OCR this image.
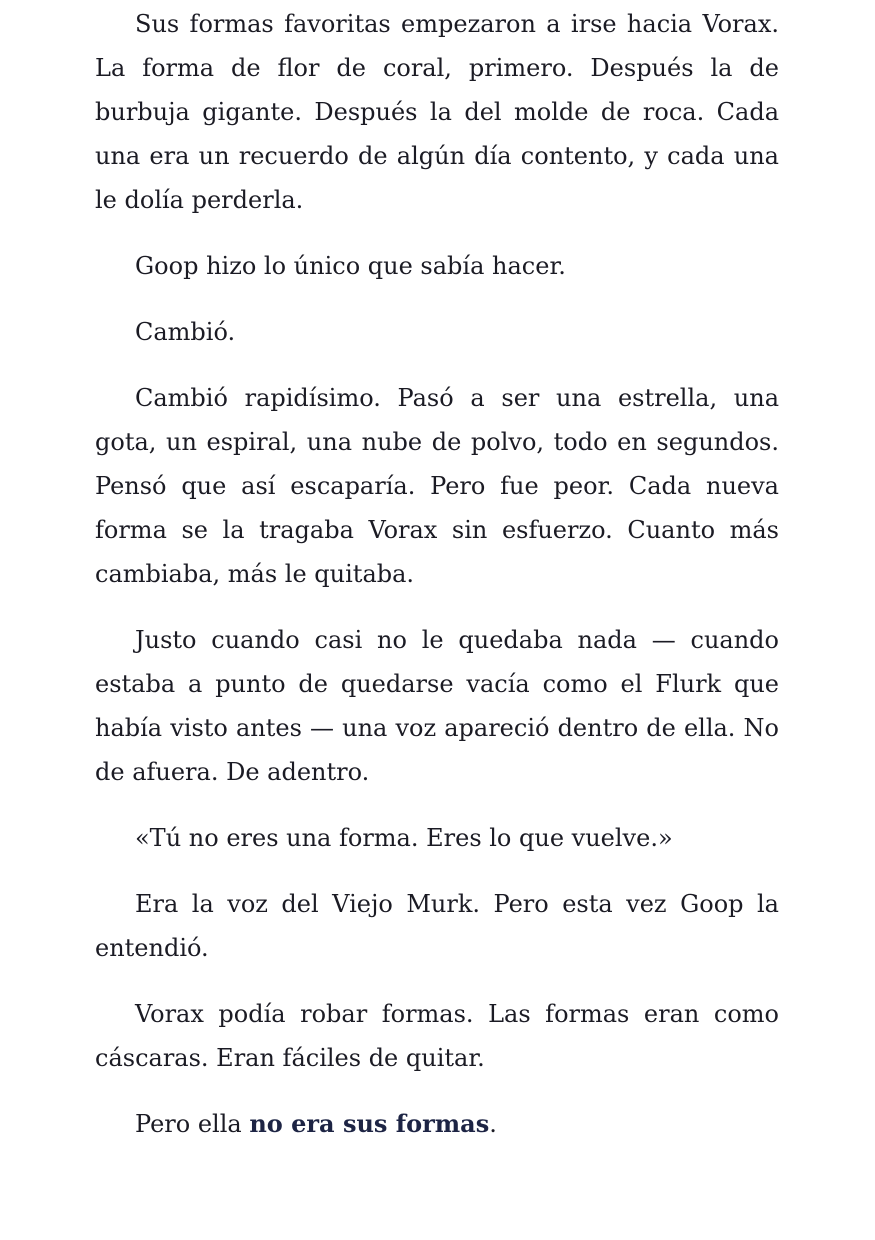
Sus formas favoritas empezaron a irse hacia Vorax. La forma de flor de coral, primero. Después la de burbuja gigante. Después la del molde de roca. Cada una era un recuerdo de algún día contento, y cada una le dolía perderla.

Goop hizo lo único que sabía hacer.

Cambió.

Cambió rapidísimo. Pasó a ser una estrella, una gota, un espiral, una nube de polvo, todo en segundos. Pensó que así escaparía. Pero fue peor. Cada nueva forma se la tragaba Vorax sin esfuerzo. Cuanto más cambiaba, más le quitaba.

Justo cuando casi no le quedaba nada — cuando estaba a punto de quedarse vacía como el Flurk que había visto antes — una voz apareció dentro de ella. No de afuera. De adentro.

«Tú no eres una forma. Eres lo que vuelve.»

Era la voz del Viejo Murk. Pero esta vez Goop la entendió.

Vorax podía robar formas. Las formas eran como cáscaras. Eran fáciles de quitar.

Pero ella no era sus formas.
